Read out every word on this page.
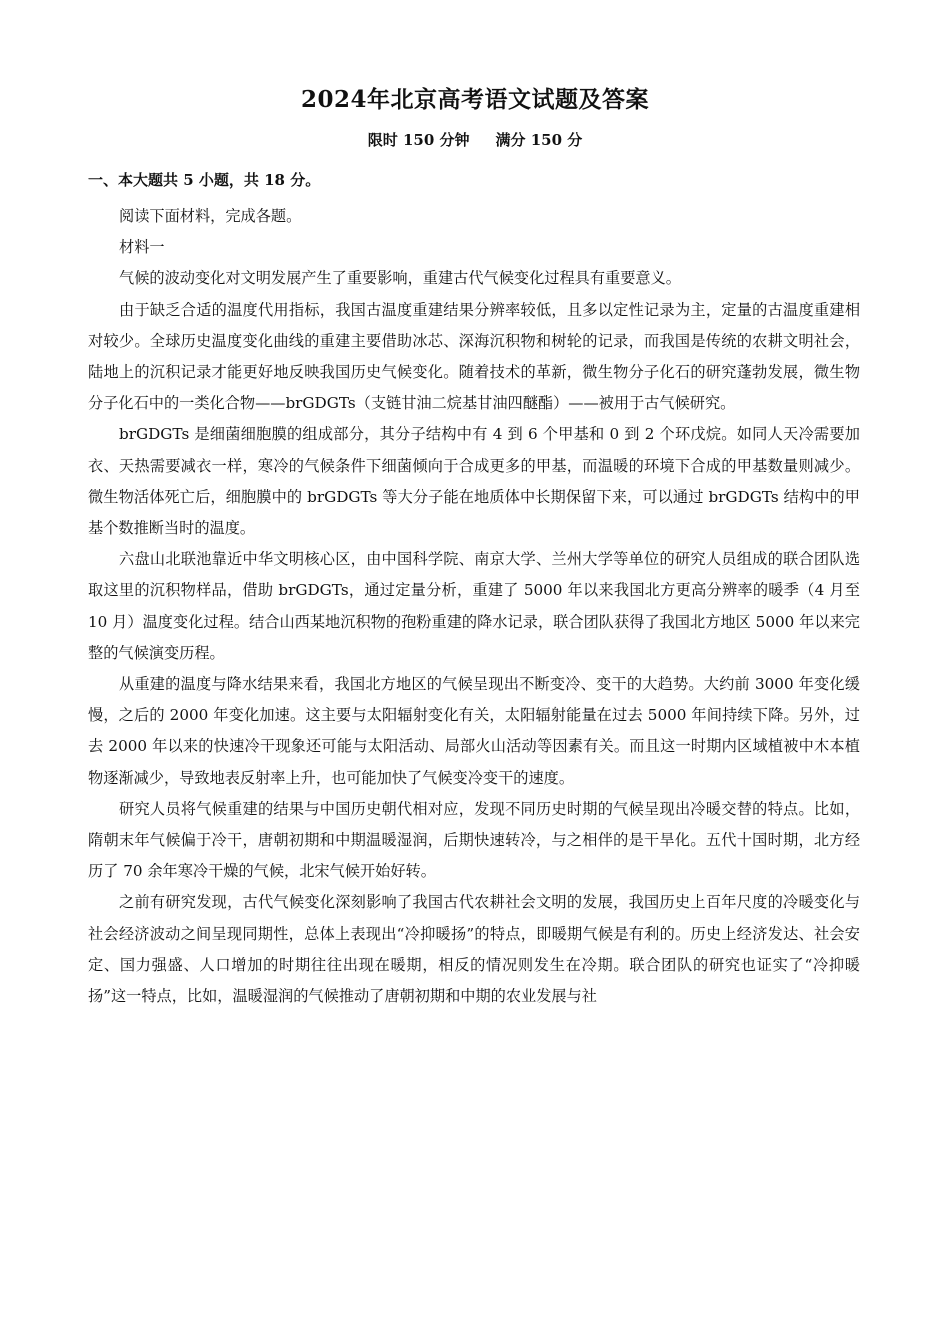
2024年北京高考语文试题及答案
限时 150 分钟 满分 150 分
一、本大题共 5 小题，共 18 分。

阅读下面材料，完成各题。

材料一

气候的波动变化对文明发展产生了重要影响，重建古代气候变化过程具有重要意义。

由于缺乏合适的温度代用指标，我国古温度重建结果分辨率较低，且多以定性记录为主，定量的古温度重建相对较少。全球历史温度变化曲线的重建主要借助冰芯、深海沉积物和树轮的记录，而我国是传统的农耕文明社会，陆地上的沉积记录才能更好地反映我国历史气候变化。随着技术的革新，微生物分子化石的研究蓬勃发展，微生物分子化石中的一类化合物——brGDGTs（支链甘油二烷基甘油四醚酯）——被用于古气候研究。

brGDGTs 是细菌细胞膜的组成部分，其分子结构中有 4 到 6 个甲基和 0 到 2 个环戊烷。如同人天冷需要加衣、天热需要减衣一样，寒冷的气候条件下细菌倾向于合成更多的甲基，而温暖的环境下合成的甲基数量则减少。微生物活体死亡后，细胞膜中的 brGDGTs 等大分子能在地质体中长期保留下来，可以通过 brGDGTs 结构中的甲基个数推断当时的温度。

六盘山北联池靠近中华文明核心区，由中国科学院、南京大学、兰州大学等单位的研究人员组成的联合团队选取这里的沉积物样品，借助 brGDGTs，通过定量分析，重建了 5000 年以来我国北方更高分辨率的暖季（4 月至 10 月）温度变化过程。结合山西某地沉积物的孢粉重建的降水记录，联合团队获得了我国北方地区 5000 年以来完整的气候演变历程。

从重建的温度与降水结果来看，我国北方地区的气候呈现出不断变冷、变干的大趋势。大约前 3000 年变化缓慢，之后的 2000 年变化加速。这主要与太阳辐射变化有关，太阳辐射能量在过去 5000 年间持续下降。另外，过去 2000 年以来的快速冷干现象还可能与太阳活动、局部火山活动等因素有关。而且这一时期内区域植被中木本植物逐渐减少，导致地表反射率上升，也可能加快了气候变冷变干的速度。

研究人员将气候重建的结果与中国历史朝代相对应，发现不同历史时期的气候呈现出冷暖交替的特点。比如，隋朝末年气候偏于冷干，唐朝初期和中期温暖湿润，后期快速转冷，与之相伴的是干旱化。五代十国时期，北方经历了 70 余年寒冷干燥的气候，北宋气候开始好转。

之前有研究发现，古代气候变化深刻影响了我国古代农耕社会文明的发展，我国历史上百年尺度的冷暖变化与社会经济波动之间呈现同期性，总体上表现出“冷抑暖扬”的特点，即暖期气候是有利的。历史上经济发达、社会安定、国力强盛、人口增加的时期往往出现在暖期，相反的情况则发生在冷期。联合团队的研究也证实了“冷抑暖扬”这一特点，比如，温暖湿润的气候推动了唐朝初期和中期的农业发展与社
